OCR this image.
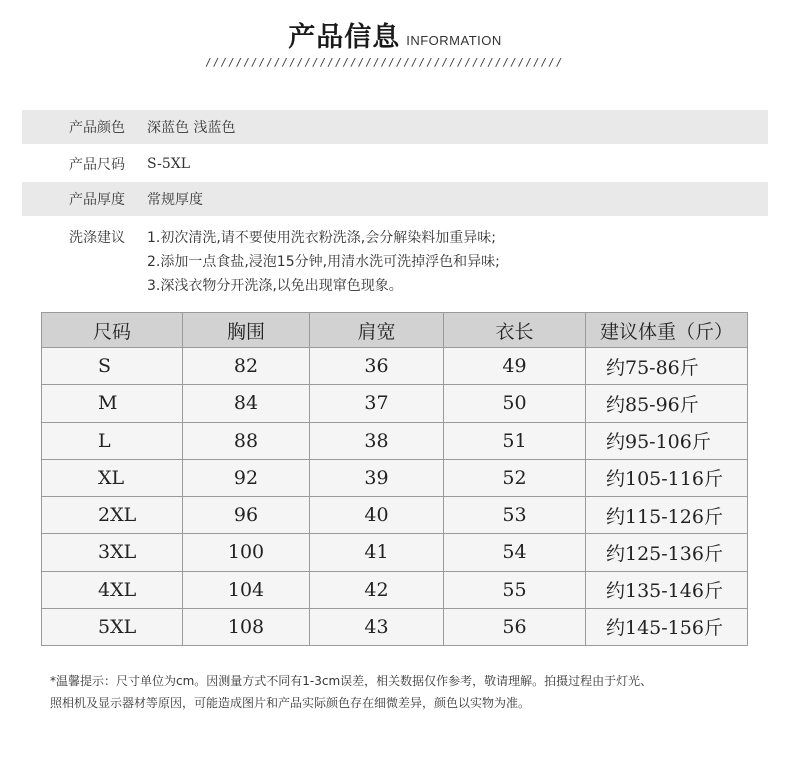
产品信息 INFORMATION
///////////////////////////////////////////////
产品颜色	深蓝色 浅蓝色
产品尺码	S-5XL
产品厚度	常规厚度
洗涤建议	1.初次清洗,请不要使用洗衣粉洗涤,会分解染料加重异味;
2.添加一点食盐,浸泡15分钟,用清水洗可洗掉浮色和异味;
3.深浅衣物分开洗涤,以免出现窜色现象。
尺码	胸围	肩宽	衣长	建议体重（斤）
S	82	36	49	约75-86斤
M	84	37	50	约85-96斤
L	88	38	51	约95-106斤
XL	92	39	52	约105-116斤
2XL	96	40	53	约115-126斤
3XL	100	41	54	约125-136斤
4XL	104	42	55	约135-146斤
5XL	108	43	56	约145-156斤
*温馨提示：尺寸单位为cm。因测量方式不同有1-3cm误差，相关数据仅作参考，敬请理解。拍摄过程由于灯光、
照相机及显示器材等原因，可能造成图片和产品实际颜色存在细微差异，颜色以实物为准。
